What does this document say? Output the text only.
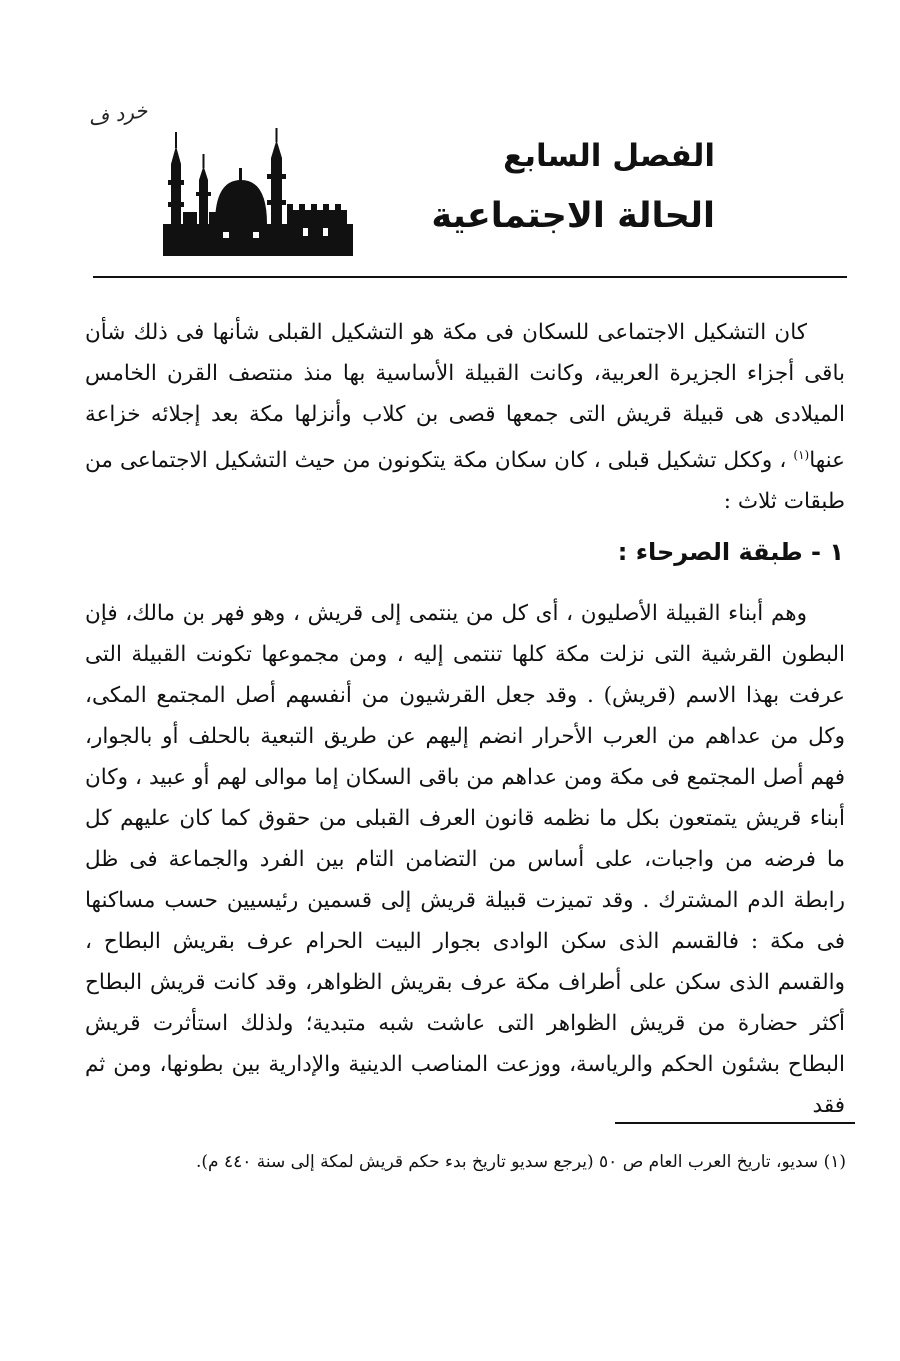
خرد ف
الفصل السابع
الحالة الاجتماعية

كان التشكيل الاجتماعى للسكان فى مكة هو التشكيل القبلى شأنها فى ذلك شأن باقى أجزاء الجزيرة العربية، وكانت القبيلة الأساسية بها منذ منتصف القرن الخامس الميلادى هى قبيلة قريش التى جمعها قصى بن كلاب وأنزلها مكة بعد إجلائه خزاعة عنها$^{(١)}$ ، وككل تشكيل قبلى ، كان سكان مكة يتكونون من حيث التشكيل الاجتماعى من طبقات ثلاث :

١ - طبقة الصرحاء :

وهم أبناء القبيلة الأصليون ، أى كل من ينتمى إلى قريش ، وهو فهر بن مالك، فإن البطون القرشية التى نزلت مكة كلها تنتمى إليه ، ومن مجموعها تكونت القبيلة التى عرفت بهذا الاسم (قريش) . وقد جعل القرشيون من أنفسهم أصل المجتمع المكى، وكل من عداهم من العرب الأحرار انضم إليهم عن طريق التبعية بالحلف أو بالجوار، فهم أصل المجتمع فى مكة ومن عداهم من باقى السكان إما موالى لهم أو عبيد ، وكان أبناء قريش يتمتعون بكل ما نظمه قانون العرف القبلى من حقوق كما كان عليهم كل ما فرضه من واجبات، على أساس من التضامن التام بين الفرد والجماعة فى ظل رابطة الدم المشترك . وقد تميزت قبيلة قريش إلى قسمين رئيسيين حسب مساكنها فى مكة : فالقسم الذى سكن الوادى بجوار البيت الحرام عرف بقريش البطاح ، والقسم الذى سكن على أطراف مكة عرف بقريش الظواهر، وقد كانت قريش البطاح أكثر حضارة من قريش الظواهر التى عاشت شبه متبدية؛ ولذلك استأثرت قريش البطاح بشئون الحكم والرياسة، ووزعت المناصب الدينية والإدارية بين بطونها، ومن ثم فقد

(١) سديو، تاريخ العرب العام ص ٥٠ (يرجع سديو تاريخ بدء حكم قريش لمكة إلى سنة ٤٤٠ م).
